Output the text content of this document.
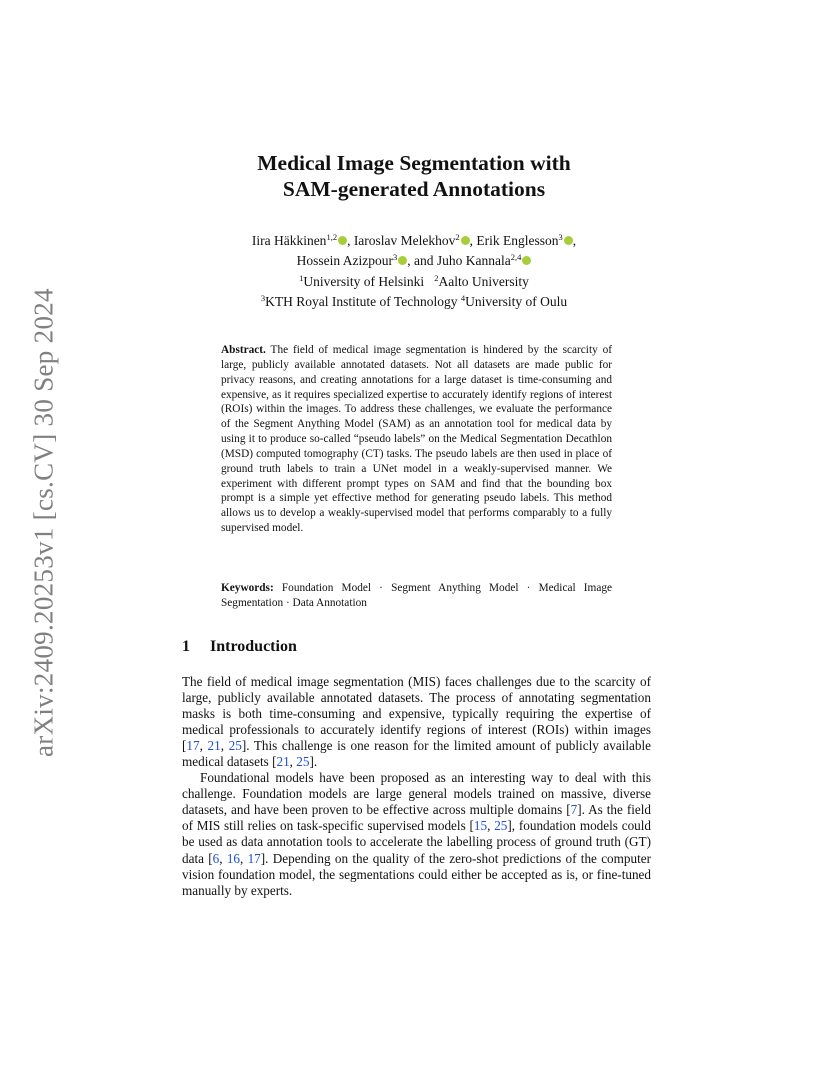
arXiv:2409.20253v1 [cs.CV] 30 Sep 2024
Medical Image Segmentation with
SAM-generated Annotations
Iira Häkkinen$^{1,2}$ , Iaroslav Melekhov$^2$ , Erik Englesson$^3$ ,
Hossein Azizpour$^3$ , and Juho Kannala$^{2,4}$
$^1$University of Helsinki $^2$Aalto University
$^3$KTH Royal Institute of Technology $^4$University of Oulu
Abstract. The field of medical image segmentation is hindered by the scarcity of large, publicly available annotated datasets. Not all datasets are made public for privacy reasons, and creating annotations for a large dataset is time-consuming and expensive, as it requires specialized expertise to accurately identify regions of interest (ROIs) within the images. To address these challenges, we evaluate the performance of the Segment Anything Model (SAM) as an annotation tool for medical data by using it to produce so-called “pseudo labels” on the Medical Segmentation Decathlon (MSD) computed tomography (CT) tasks. The pseudo labels are then used in place of ground truth labels to train a UNet model in a weakly-supervised manner. We experiment with different prompt types on SAM and find that the bounding box prompt is a simple yet effective method for generating pseudo labels. This method allows us to develop a weakly-supervised model that performs comparably to a fully supervised model.
Keywords: Foundation Model · Segment Anything Model · Medical Image Segmentation · Data Annotation
1 Introduction

The field of medical image segmentation (MIS) faces challenges due to the scarcity of large, publicly available annotated datasets. The process of annotating segmentation masks is both time-consuming and expensive, typically requiring the expertise of medical professionals to accurately identify regions of interest (ROIs) within images [17, 21, 25]. This challenge is one reason for the limited amount of publicly available medical datasets [21, 25].

Foundational models have been proposed as an interesting way to deal with this challenge. Foundation models are large general models trained on massive, diverse datasets, and have been proven to be effective across multiple domains [7]. As the field of MIS still relies on task-specific supervised models [15, 25], foundation models could be used as data annotation tools to accelerate the labelling process of ground truth (GT) data [6, 16, 17]. Depending on the quality of the zero-shot predictions of the computer vision foundation model, the segmentations could either be accepted as is, or fine-tuned manually by experts.
